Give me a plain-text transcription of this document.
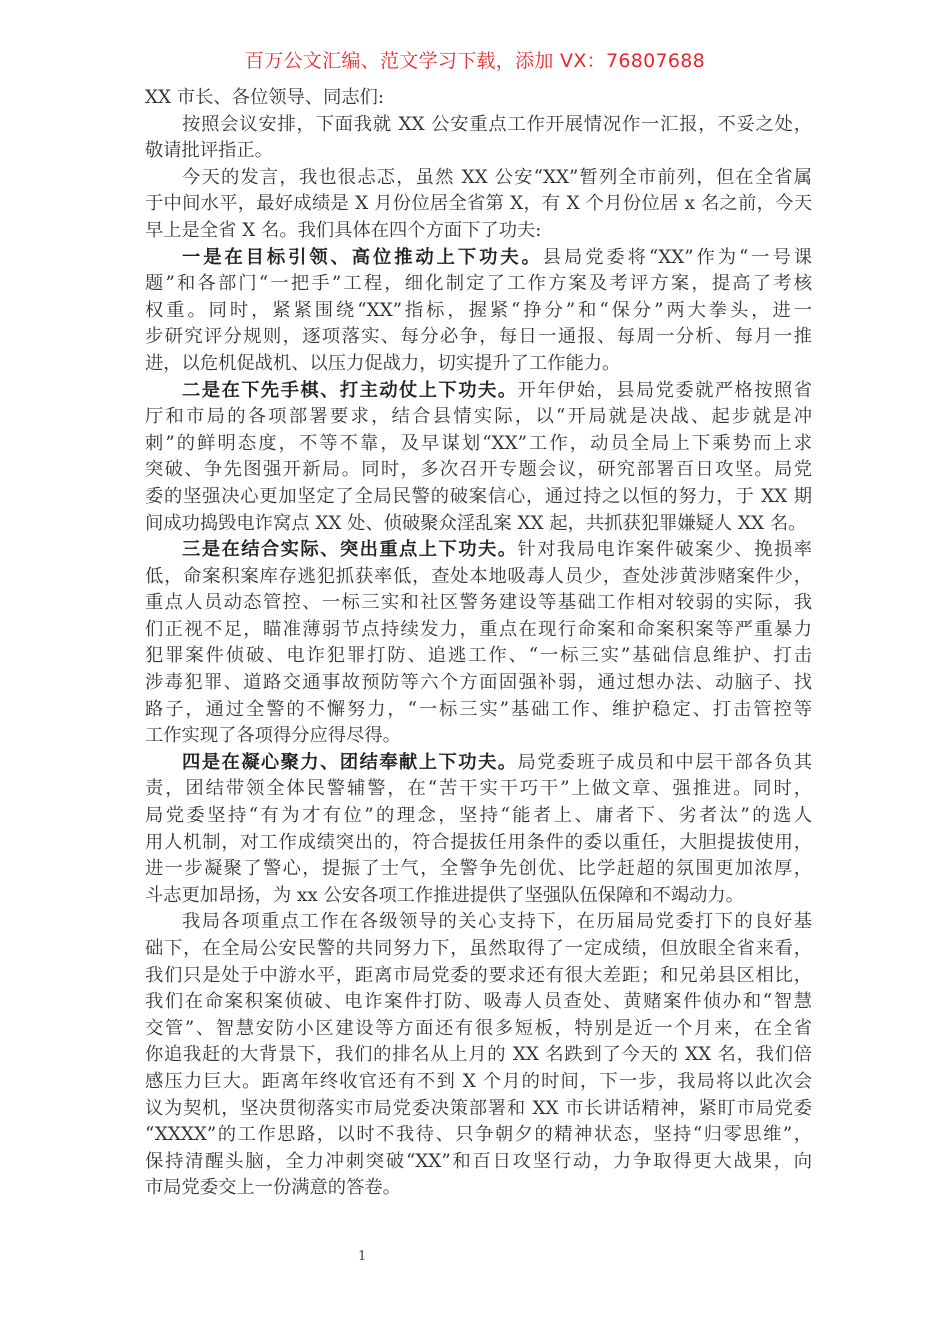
百万公文汇编、范文学习下载，添加 VX：76807688
XX 市长、各位领导、同志们:
按照会议安排，下面我就 XX 公安重点工作开展情况作一汇报，不妥之处，
敬请批评指正。
今天的发言，我也很忐忑，虽然 XX 公安“XX”暂列全市前列，但在全省属
于中间水平，最好成绩是 X 月份位居全省第 X，有 X 个月份位居 x 名之前，今天
早上是全省 X 名。我们具体在四个方面下了功夫:
一是在目标引领、高位推动上下功夫。县局党委将“XX”作为“一号课
题”和各部门“一把手”工程，细化制定了工作方案及考评方案，提高了考核
权重。同时，紧紧围绕“XX”指标，握紧“挣分”和“保分”两大拳头，进一
步研究评分规则，逐项落实、每分必争，每日一通报、每周一分析、每月一推
进，以危机促战机、以压力促战力，切实提升了工作能力。
二是在下先手棋、打主动仗上下功夫。开年伊始，县局党委就严格按照省
厅和市局的各项部署要求，结合县情实际，以“开局就是决战、起步就是冲
刺”的鲜明态度，不等不靠，及早谋划“XX”工作，动员全局上下乘势而上求
突破、争先图强开新局。同时，多次召开专题会议，研究部署百日攻坚。局党
委的坚强决心更加坚定了全局民警的破案信心，通过持之以恒的努力，于 XX 期
间成功捣毁电诈窝点 XX 处、侦破聚众淫乱案 XX 起，共抓获犯罪嫌疑人 XX 名。
三是在结合实际、突出重点上下功夫。针对我局电诈案件破案少、挽损率
低，命案积案库存逃犯抓获率低，查处本地吸毒人员少，查处涉黄涉赌案件少，
重点人员动态管控、一标三实和社区警务建设等基础工作相对较弱的实际，我
们正视不足，瞄准薄弱节点持续发力，重点在现行命案和命案积案等严重暴力
犯罪案件侦破、电诈犯罪打防、追逃工作、“一标三实”基础信息维护、打击
涉毒犯罪、道路交通事故预防等六个方面固强补弱，通过想办法、动脑子、找
路子，通过全警的不懈努力，“一标三实”基础工作、维护稳定、打击管控等
工作实现了各项得分应得尽得。
四是在凝心聚力、团结奉献上下功夫。局党委班子成员和中层干部各负其
责，团结带领全体民警辅警，在“苦干实干巧干”上做文章、强推进。同时，
局党委坚持“有为才有位”的理念，坚持“能者上、庸者下、劣者汰”的选人
用人机制，对工作成绩突出的，符合提拔任用条件的委以重任，大胆提拔使用，
进一步凝聚了警心，提振了士气，全警争先创优、比学赶超的氛围更加浓厚，
斗志更加昂扬，为 xx 公安各项工作推进提供了坚强队伍保障和不竭动力。
我局各项重点工作在各级领导的关心支持下，在历届局党委打下的良好基
础下，在全局公安民警的共同努力下，虽然取得了一定成绩，但放眼全省来看，
我们只是处于中游水平，距离市局党委的要求还有很大差距；和兄弟县区相比，
我们在命案积案侦破、电诈案件打防、吸毒人员查处、黄赌案件侦办和“智慧
交管”、智慧安防小区建设等方面还有很多短板，特别是近一个月来，在全省
你追我赶的大背景下，我们的排名从上月的 XX 名跌到了今天的 XX 名，我们倍
感压力巨大。距离年终收官还有不到 X 个月的时间，下一步，我局将以此次会
议为契机，坚决贯彻落实市局党委决策部署和 XX 市长讲话精神，紧盯市局党委
“XXXX”的工作思路，以时不我待、只争朝夕的精神状态，坚持“归零思维”，
保持清醒头脑，全力冲刺突破“XX”和百日攻坚行动，力争取得更大战果，向
市局党委交上一份满意的答卷。
1
